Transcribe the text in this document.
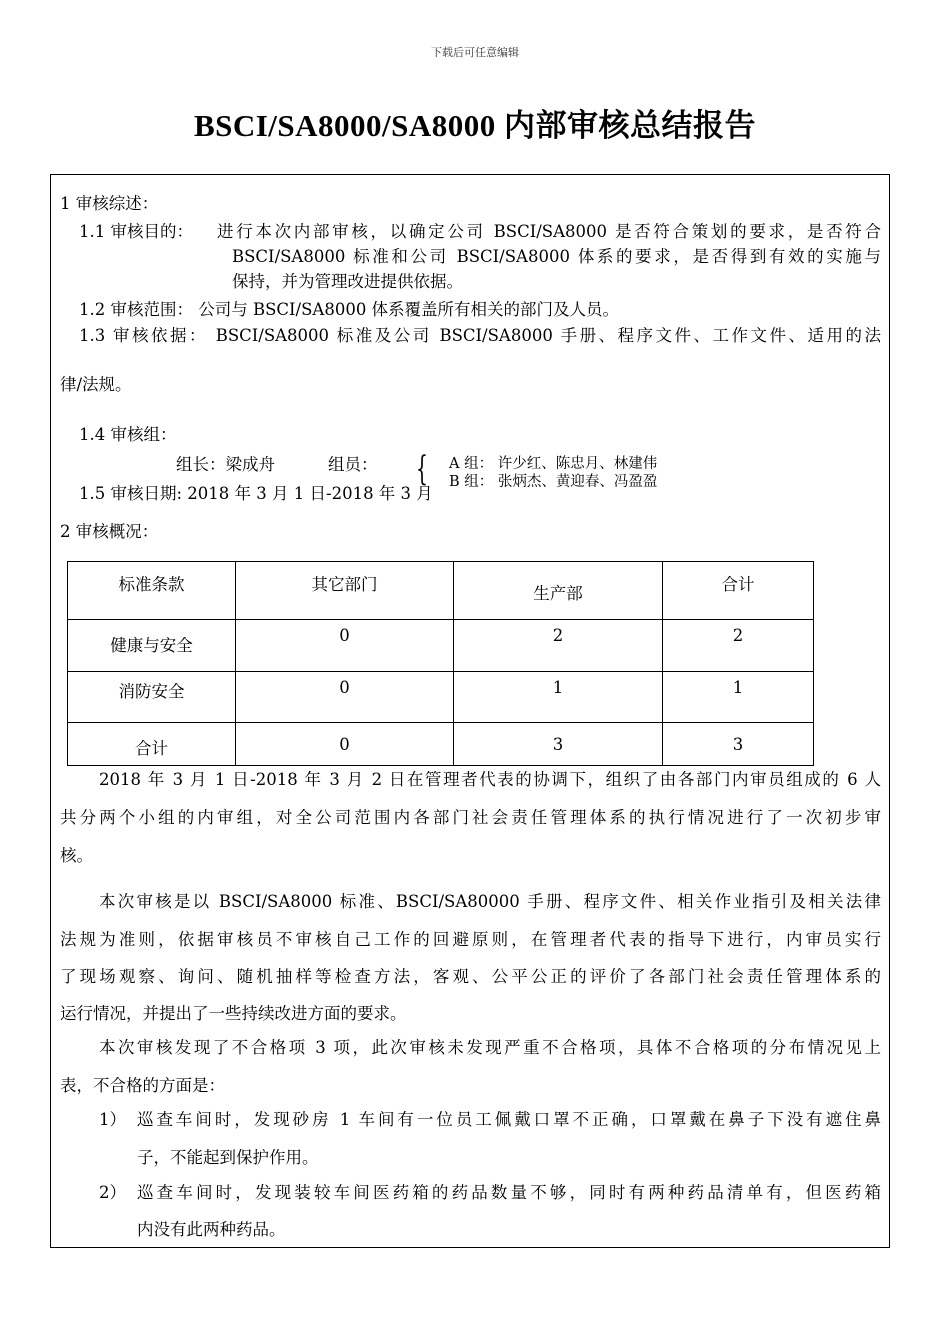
下载后可任意编辑
BSCI/SA8000/SA8000 内部审核总结报告
1 审核综述：
1.1 审核目的： 进行本次内部审核，以确定公司 BSCI/SA8000 是否符合策划的要求，是否符合
BSCI/SA8000 标准和公司 BSCI/SA8000 体系的要求，是否得到有效的实施与
保持，并为管理改进提供依据。
1.2 审核范围： 公司与 BSCI/SA8000 体系覆盖所有相关的部门及人员。
1.3 审核依据： BSCI/SA8000 标准及公司 BSCI/SA8000 手册、程序文件、工作文件、适用的法
律/法规。
1.4 审核组：
组长：梁成舟	组员： { A 组： 许少红、陈忠月、林建伟
B 组： 张炳杰、黄迎春、冯盈盈
1.5 审核日期: 2018 年 3 月 1 日-2018 年 3 月
2 审核概况：
标准条款	其它部门	生产部	合计

健康与安全	0	2	2

消防安全	0	1	1

合计	0	3	3
2018 年 3 月 1 日-2018 年 3 月 2 日在管理者代表的协调下，组织了由各部门内审员组成的 6 人
共分两个小组的内审组，对全公司范围内各部门社会责任管理体系的执行情况进行了一次初步审
核。
本次审核是以 BSCI/SA8000 标准、BSCI/SA80000 手册、程序文件、相关作业指引及相关法律
法规为准则，依据审核员不审核自己工作的回避原则，在管理者代表的指导下进行，内审员实行
了现场观察、询问、随机抽样等检查方法，客观、公平公正的评价了各部门社会责任管理体系的
运行情况，并提出了一些持续改进方面的要求。
本次审核发现了不合格项 3 项，此次审核未发现严重不合格项，具体不合格项的分布情况见上
表，不合格的方面是：
1） 巡查车间时，发现砂房 1 车间有一位员工佩戴口罩不正确，口罩戴在鼻子下没有遮住鼻
子，不能起到保护作用。
2） 巡查车间时，发现装较车间医药箱的药品数量不够，同时有两种药品清单有，但医药箱
内没有此两种药品。
